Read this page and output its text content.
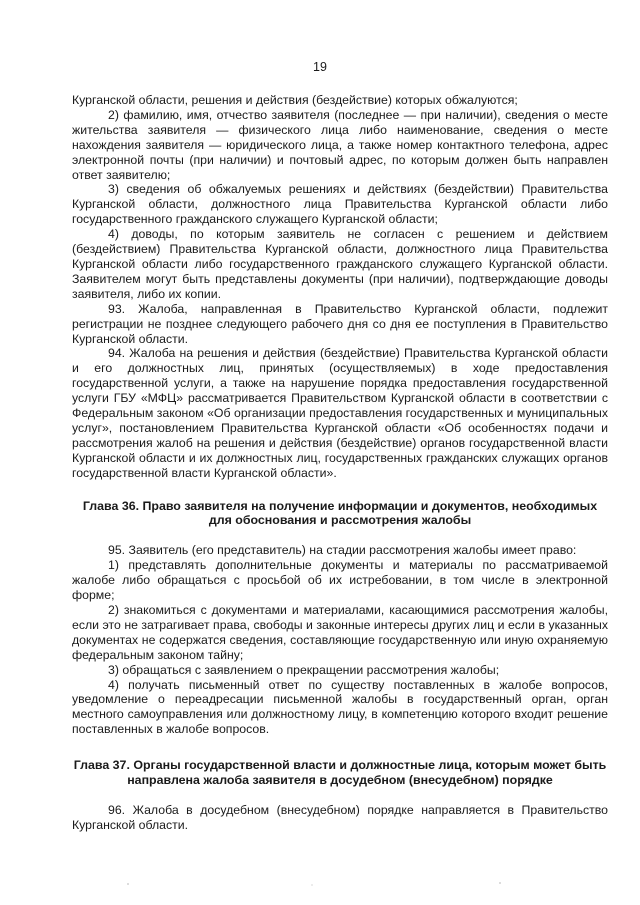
19

Курганской области, решения и действия (бездействие) которых обжалуются;

2) фамилию, имя, отчество заявителя (последнее — при наличии), сведения о месте жительства заявителя — физического лица либо наименование, сведения о месте нахождения заявителя — юридического лица, а также номер контактного телефона, адрес электронной почты (при наличии) и почтовый адрес, по которым должен быть направлен ответ заявителю;

3) сведения об обжалуемых решениях и действиях (бездействии) Правительства Курганской области, должностного лица Правительства Курганской области либо государственного гражданского служащего Курганской области;

4) доводы, по которым заявитель не согласен с решением и действием (бездействием) Правительства Курганской области, должностного лица Правительства Курганской области либо государственного гражданского служащего Курганской области. Заявителем могут быть представлены документы (при наличии), подтверждающие доводы заявителя, либо их копии.

93. Жалоба, направленная в Правительство Курганской области, подлежит регистрации не позднее следующего рабочего дня со дня ее поступления в Правительство Курганской области.

94. Жалоба на решения и действия (бездействие) Правительства Курганской области и его должностных лиц, принятых (осуществляемых) в ходе предоставления государственной услуги, а также на нарушение порядка предоставления государственной услуги ГБУ «МФЦ» рассматривается Правительством Курганской области в соответствии с Федеральным законом «Об организации предоставления государственных и муниципальных услуг», постановлением Правительства Курганской области «Об особенностях подачи и рассмотрения жалоб на решения и действия (бездействие) органов государственной власти Курганской области и их должностных лиц, государственных гражданских служащих органов государственной власти Курганской области».

Глава 36. Право заявителя на получение информации и документов, необходимых для обоснования и рассмотрения жалобы

95. Заявитель (его представитель) на стадии рассмотрения жалобы имеет право:

1) представлять дополнительные документы и материалы по рассматриваемой жалобе либо обращаться с просьбой об их истребовании, в том числе в электронной форме;

2) знакомиться с документами и материалами, касающимися рассмотрения жалобы, если это не затрагивает права, свободы и законные интересы других лиц и если в указанных документах не содержатся сведения, составляющие государственную или иную охраняемую федеральным законом тайну;

3) обращаться с заявлением о прекращении рассмотрения жалобы;

4) получать письменный ответ по существу поставленных в жалобе вопросов, уведомление о переадресации письменной жалобы в государственный орган, орган местного самоуправления или должностному лицу, в компетенцию которого входит решение поставленных в жалобе вопросов.

Глава 37. Органы государственной власти и должностные лица, которым может быть направлена жалоба заявителя в досудебном (внесудебном) порядке

96. Жалоба в досудебном (внесудебном) порядке направляется в Правительство Курганской области.
